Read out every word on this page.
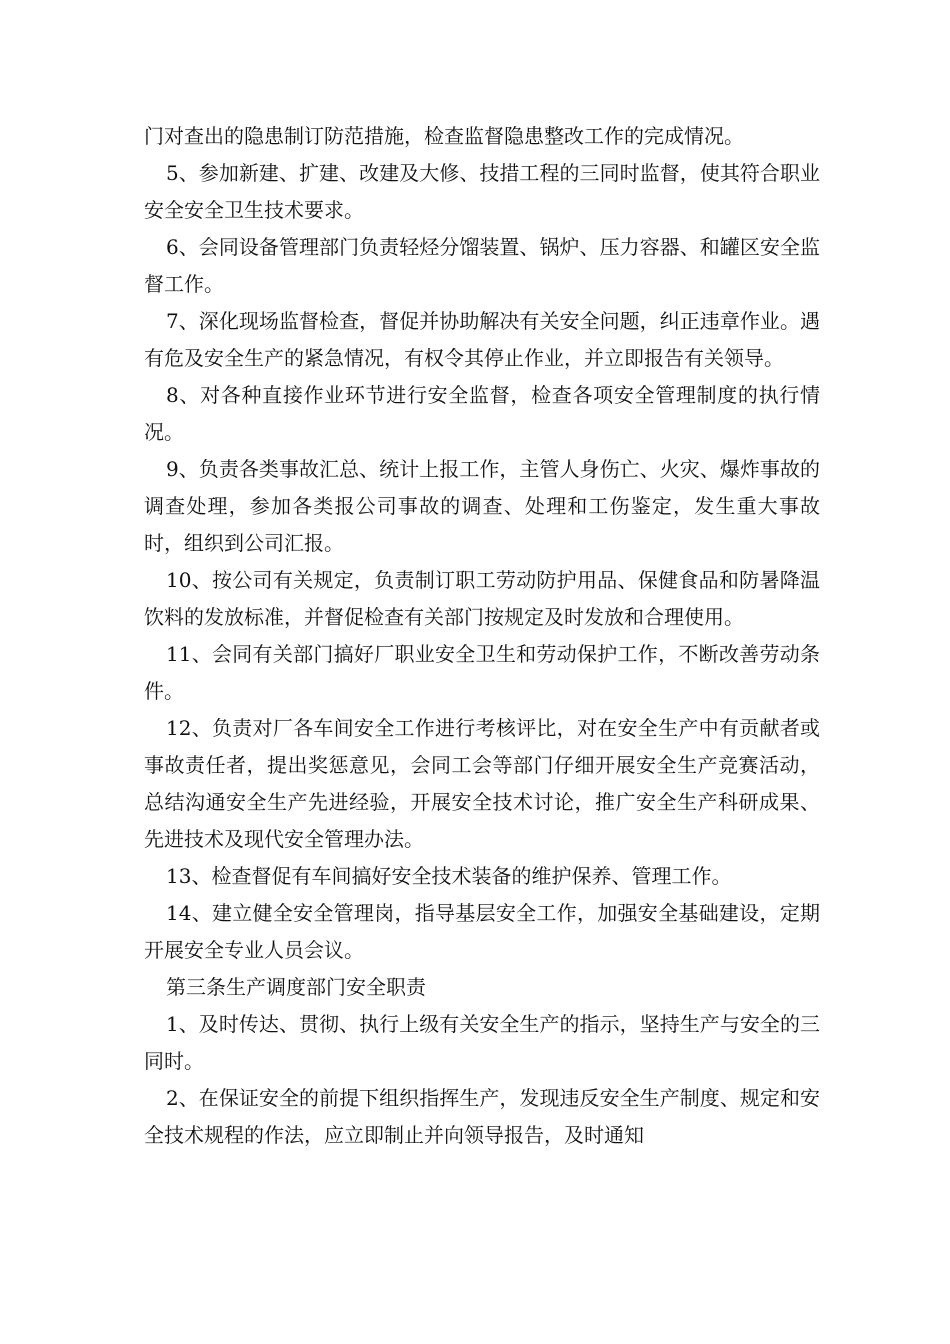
门对查出的隐患制订防范措施，检查监督隐患整改工作的完成情况。

5、参加新建、扩建、改建及大修、技措工程的三同时监督，使其符合职业安全安全卫生技术要求。

6、会同设备管理部门负责轻烃分馏装置、锅炉、压力容器、和罐区安全监督工作。

7、深化现场监督检查，督促并协助解决有关安全问题，纠正违章作业。遇有危及安全生产的紧急情况，有权令其停止作业，并立即报告有关领导。

8、对各种直接作业环节进行安全监督，检查各项安全管理制度的执行情况。

9、负责各类事故汇总、统计上报工作，主管人身伤亡、火灾、爆炸事故的调查处理，参加各类报公司事故的调查、处理和工伤鉴定，发生重大事故时，组织到公司汇报。

10、按公司有关规定，负责制订职工劳动防护用品、保健食品和防暑降温饮料的发放标准，并督促检查有关部门按规定及时发放和合理使用。

11、会同有关部门搞好厂职业安全卫生和劳动保护工作，不断改善劳动条件。

12、负责对厂各车间安全工作进行考核评比，对在安全生产中有贡献者或事故责任者，提出奖惩意见，会同工会等部门仔细开展安全生产竞赛活动，总结沟通安全生产先进经验，开展安全技术讨论，推广安全生产科研成果、先进技术及现代安全管理办法。

13、检查督促有车间搞好安全技术装备的维护保养、管理工作。

14、建立健全安全管理岗，指导基层安全工作，加强安全基础建设，定期开展安全专业人员会议。

第三条生产调度部门安全职责

1、及时传达、贯彻、执行上级有关安全生产的指示，坚持生产与安全的三同时。

2、在保证安全的前提下组织指挥生产，发现违反安全生产制度、规定和安全技术规程的作法，应立即制止并向领导报告，及时通知
